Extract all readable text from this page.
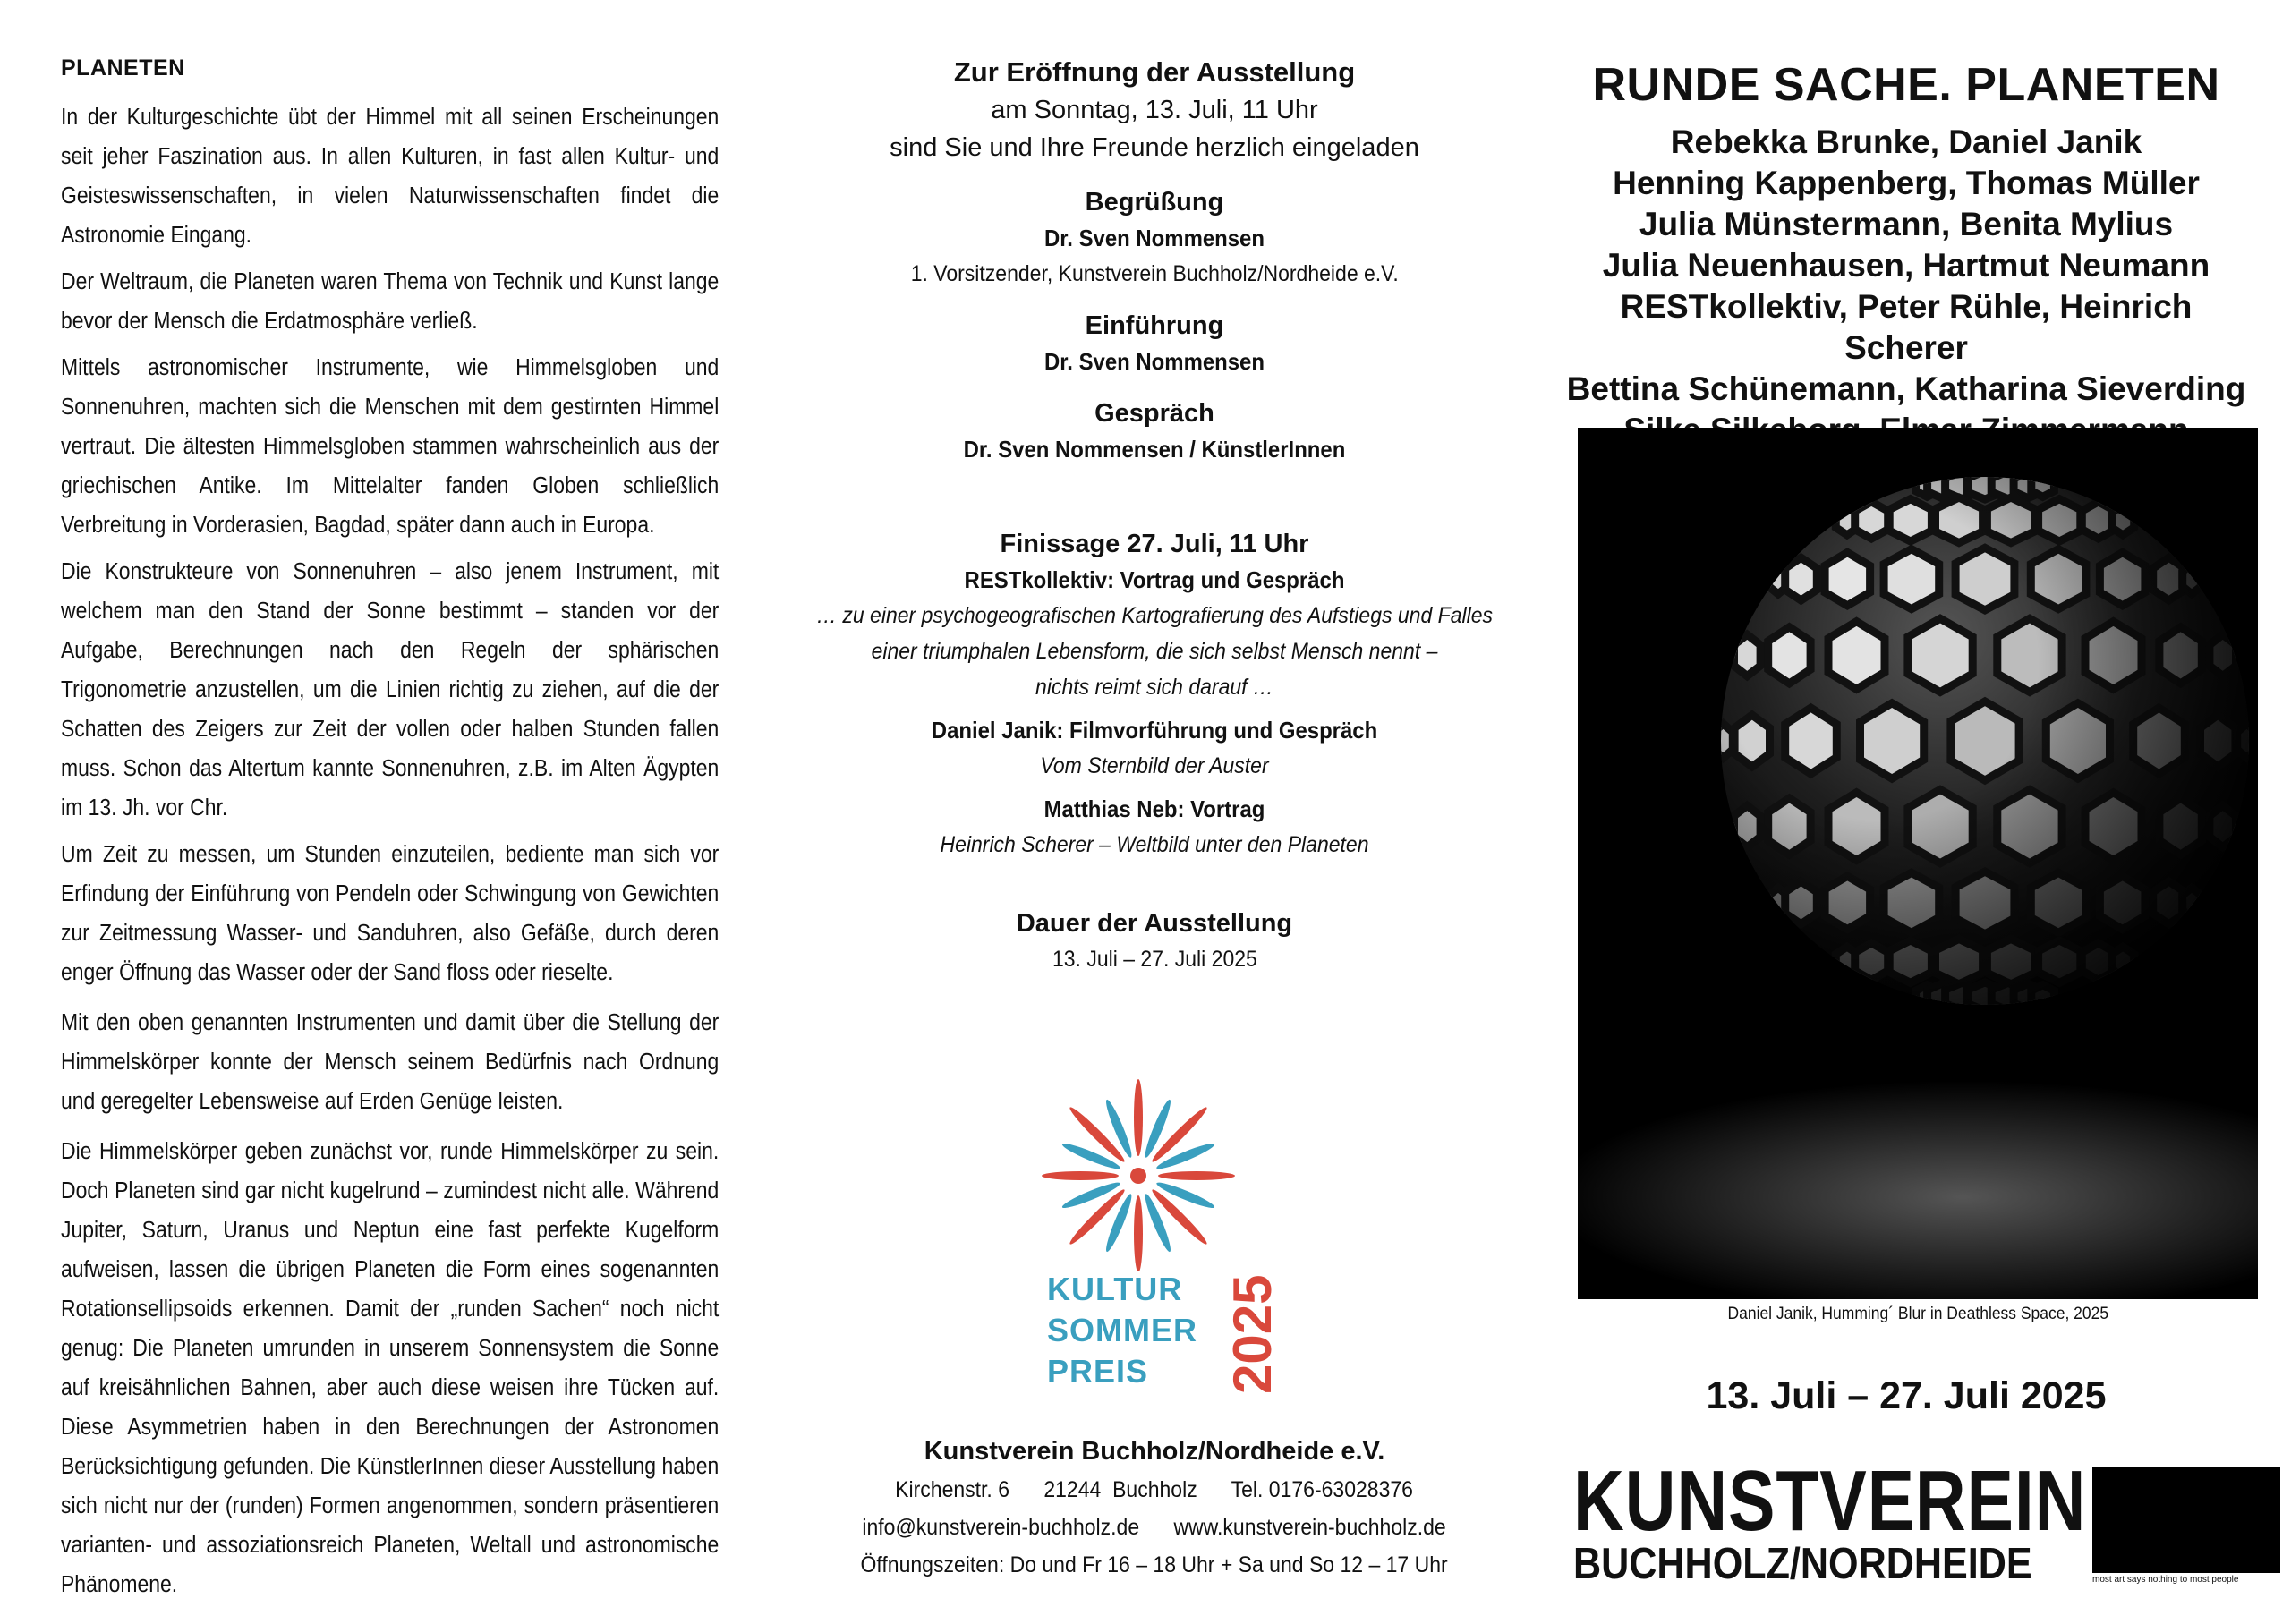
PLANETEN

In der Kulturgeschichte übt der Himmel mit all seinen Erscheinungen seit jeher Faszination aus. In allen Kulturen, in fast allen Kultur- und Geisteswissenschaften, in vielen Naturwissenschaften findet die Astronomie Eingang.

Der Weltraum, die Planeten waren Thema von Technik und Kunst lange bevor der Mensch die Erdatmosphäre verließ.

Mittels astronomischer Instrumente, wie Himmelsgloben und Sonnenuhren, machten sich die Menschen mit dem gestirnten Himmel vertraut. Die ältesten Himmelsgloben stammen wahrscheinlich aus der griechischen Antike. Im Mittelalter fanden Globen schließlich Verbreitung in Vorderasien, Bagdad, später dann auch in Europa.

Die Konstrukteure von Sonnenuhren – also jenem Instrument, mit welchem man den Stand der Sonne bestimmt – standen vor der Aufgabe, Berechnungen nach den Regeln der sphärischen Trigonometrie anzustellen, um die Linien richtig zu ziehen, auf die der Schatten des Zeigers zur Zeit der vollen oder halben Stunden fallen muss. Schon das Altertum kannte Sonnenuhren, z.B. im Alten Ägypten im 13. Jh. vor Chr.

Um Zeit zu messen, um Stunden einzuteilen, bediente man sich vor Erfindung der Einführung von Pendeln oder Schwingung von Gewichten zur Zeitmessung Wasser- und Sanduhren, also Gefäße, durch deren enger Öffnung das Wasser oder der Sand floss oder rieselte.

Mit den oben genannten Instrumenten und damit über die Stellung der Himmelskörper konnte der Mensch seinem Bedürfnis nach Ordnung und geregelter Lebensweise auf Erden Genüge leisten.

Die Himmelskörper geben zunächst vor, runde Himmelskörper zu sein. Doch Planeten sind gar nicht kugelrund – zumindest nicht alle. Während Jupiter, Saturn, Uranus und Neptun eine fast perfekte Kugelform aufweisen, lassen die übrigen Planeten die Form eines sogenannten Rotationsellipsoids erkennen. Damit der „runden Sachen“ noch nicht genug: Die Planeten umrunden in unserem Sonnensystem die Sonne auf kreisähnlichen Bahnen, aber auch diese weisen ihre Tücken auf. Diese Asymmetrien haben in den Berechnungen der Astronomen Berücksichtigung gefunden. Die KünstlerInnen dieser Ausstellung haben sich nicht nur der (runden) Formen angenommen, sondern präsentieren varianten- und assoziationsreich Planeten, Weltall und astronomische Phänomene.

Zur Eröffnung der Ausstellung
am Sonntag, 13. Juli, 11 Uhr
sind Sie und Ihre Freunde herzlich eingeladen
Begrüßung
Dr. Sven Nommensen
1. Vorsitzender, Kunstverein Buchholz/Nordheide e.V.
Einführung
Dr. Sven Nommensen
Gespräch
Dr. Sven Nommensen / KünstlerInnen
Finissage 27. Juli, 11 Uhr
RESTkollektiv: Vortrag und Gespräch
… zu einer psychogeografischen Kartografierung des Aufstiegs und Falles
einer triumphalen Lebensform, die sich selbst Mensch nennt –
nichts reimt sich darauf …
Daniel Janik: Filmvorführung und Gespräch
Vom Sternbild der Auster
Matthias Neb: Vortrag
Heinrich Scherer – Weltbild unter den Planeten
Dauer der Ausstellung
13. Juli – 27. Juli 2025
KULTUR
SOMMER
PREIS	2025
Kunstverein Buchholz/Nordheide e.V.
Kirchenstr. 6      21244  Buchholz      Tel. 0176-63028376
info@kunstverein-buchholz.de      www.kunstverein-buchholz.de
Öffnungszeiten: Do und Fr 16 – 18 Uhr + Sa und So 12 – 17 Uhr
RUNDE SACHE. PLANETEN
Rebekka Brunke, Daniel Janik
Henning Kappenberg, Thomas Müller
Julia Münstermann, Benita Mylius
Julia Neuenhausen, Hartmut Neumann
RESTkollektiv, Peter Rühle, Heinrich Scherer
Bettina Schünemann, Katharina Sieverding
Daniel Janik, Humming´ Blur in Deathless Space, 2025
13. Juli – 27. Juli 2025
KUNSTVEREIN
BUCHHOLZ/NORDHEIDE	most art says nothing to most people
